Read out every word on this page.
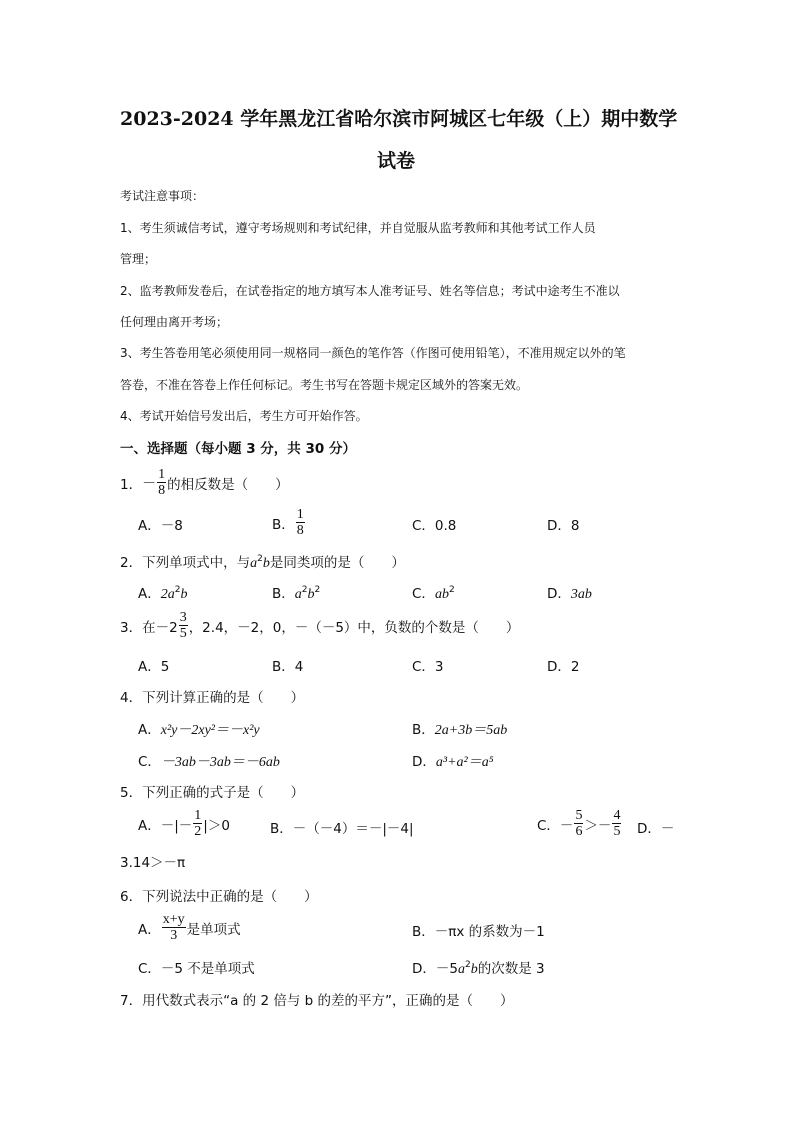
2023-2024 学年黑龙江省哈尔滨市阿城区七年级（上）期中数学
试卷
考试注意事项：
1、考生须诚信考试，遵守考场规则和考试纪律，并自觉服从监考教师和其他考试工作人员
管理；
2、监考教师发卷后，在试卷指定的地方填写本人准考证号、姓名等信息；考试中途考生不准以
任何理由离开考场；
3、考生答卷用笔必须使用同一规格同一颜色的笔作答（作图可使用铅笔），不准用规定以外的笔
答卷，不准在答卷上作任何标记。考生书写在答题卡规定区域外的答案无效。
4、考试开始信号发出后，考生方可开始作答。
一、选择题（每小题 3 分，共 30 分）
1． － $\frac{1}{8}$ 的相反数是（　　）
A．－8	B． $\frac{1}{8}$	C．0.8	D．8
2．下列单项式中，与$a^2b$是同类项的是（　　）
A．$2a^2b$	B．$a^2b^2$	C．$ab^2$	D．3ab
3． 在$-2 \frac{3}{5}$ ，2.4，－2，0，－（－5）中，负数的个数是（　　）
A．5	B．4	C．3	D．2
4．下列计算正确的是（　　）
A．x²y－2xy²＝－x²y	B．2a+3b＝5ab
C．－3ab－3ab＝－6ab	D．a³+a²＝a⁵
5．下列正确的式子是（　　）
A．－|－ $\frac{1}{2} |>0$	B．－（－4）＝－|－4|	C．－ $\frac{5}{6} >- \frac{4}{5}$ D．－
3.14＞－π
6．下列说法中正确的是（　　）
A． $\frac{x+y}{3}$ 是单项式	B．－πx 的系数为－1
C．－5 不是单项式	D．$-5a^2b$的次数是 3
7．用代数式表示“a 的 2 倍与 b 的差的平方”，正确的是（　　）
